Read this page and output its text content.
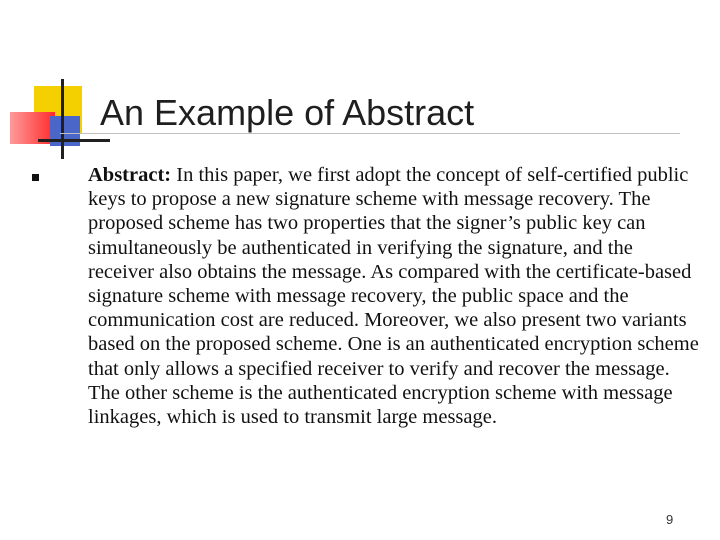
An Example of Abstract
Abstract: In this paper, we first adopt the concept of self-certified public keys to propose a new signature scheme with message recovery. The proposed scheme has two properties that the signer’s public key can simultaneously be authenticated in verifying the signature, and the receiver also obtains the message. As compared with the certificate-based signature scheme with message recovery, the public space and the communication cost are reduced. Moreover, we also present two variants based on the proposed scheme. One is an authenticated encryption scheme that only allows a specified receiver to verify and recover the message. The other scheme is the authenticated encryption scheme with message linkages, which is used to transmit large message.
9
